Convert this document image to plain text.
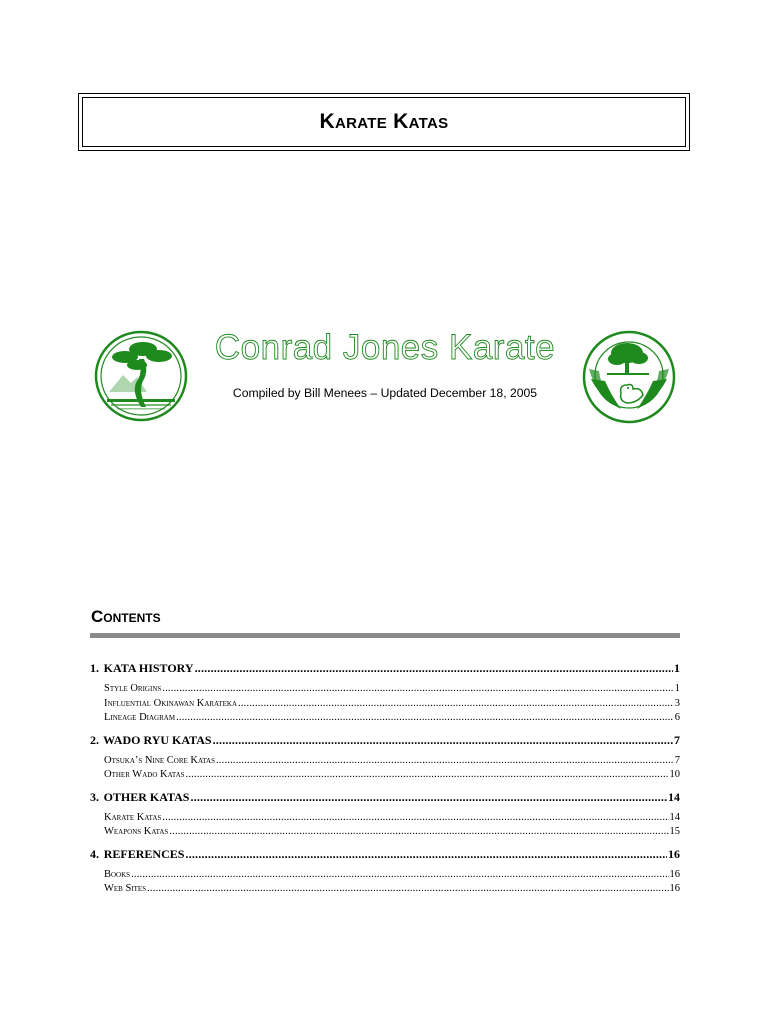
Karate Katas
Conrad Jones Karate
Compiled by Bill Menees – Updated December 18, 2005
Contents
1. KATA HISTORY .....	1
Style Origins .....	1
Influential Okinawan Karateka .....	3
Lineage Diagram .....	6
2. WADO RYU KATAS .....	7
Otsuka’s Nine Core Katas .....	7
Other Wado Katas .....	10
3. OTHER KATAS .....	14
Karate Katas .....	14
Weapons Katas .....	15
4. REFERENCES .....	16
Books .....	16
Web Sites .....	16
